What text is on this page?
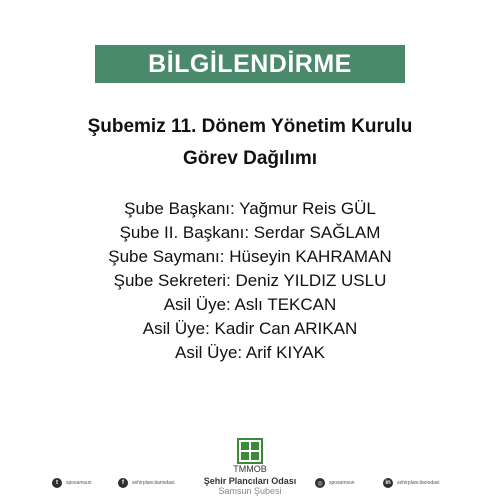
BİLGİLENDİRME
Şubemiz 11. Dönem Yönetim Kurulu
Görev Dağılımı
Şube Başkanı: Yağmur Reis GÜL
Şube II. Başkanı: Serdar SAĞLAM
Şube Saymanı: Hüseyin KAHRAMAN
Şube Sekreteri: Deniz YILDIZ USLU
Asil Üye: Aslı TEKCAN
Asil Üye: Kadir Can ARIKAN
Asil Üye: Arif KIYAK
TMMOB
Şehir Plancıları Odası
Samsun Şubesi
t	sposamsun	f	sehirplanciiariodasi	◎	sposamsun	in	sehirplanciiariodasi
